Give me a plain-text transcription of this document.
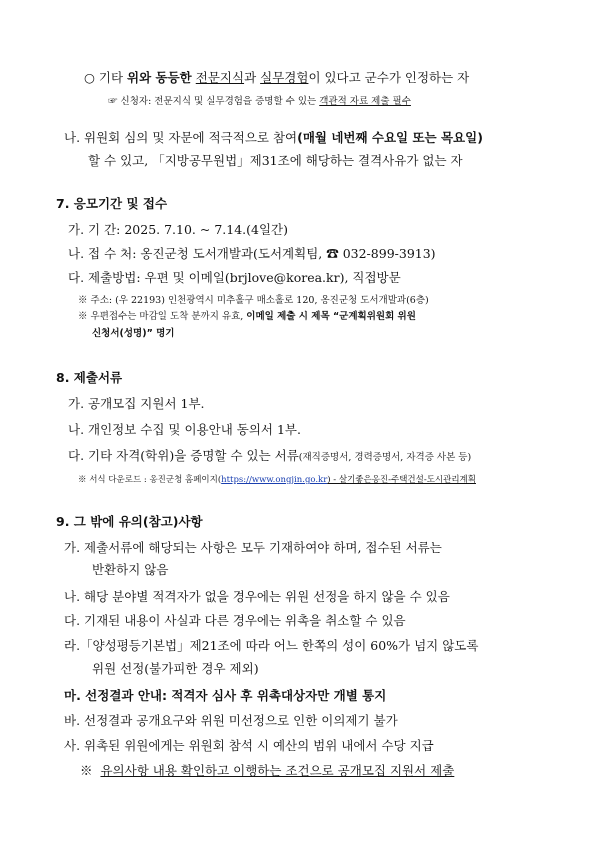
○ 기타 위와 동등한 전문지식과 실무경험이 있다고 군수가 인정하는 자
☞ 신청자: 전문지식 및 실무경험을 증명할 수 있는 객관적 자료 제출 필수
나. 위원회 심의 및 자문에 적극적으로 참여(매월 네번째 수요일 또는 목요일)
할 수 있고, 「지방공무원법」제31조에 해당하는 결격사유가 없는 자
7. 응모기간 및 접수
가. 기 간: 2025. 7.10. ~ 7.14.(4일간)
나. 접 수 처: 옹진군청 도서개발과(도서계획팀, ☎ 032-899-3913)
다. 제출방법: 우편 및 이메일(brjlove@korea.kr), 직접방문
※ 주소: (우 22193) 인천광역시 미추홀구 매소홀로 120, 옹진군청 도서개발과(6층)
※ 우편접수는 마감일 도착 분까지 유효, 이메일 제출 시 제목 “군계획위원회 위원
신청서(성명)” 명기
8. 제출서류
가. 공개모집 지원서 1부.
나. 개인정보 수집 및 이용안내 동의서 1부.
다. 기타 자격(학위)을 증명할 수 있는 서류(재직증명서, 경력증명서, 자격증 사본 등)
※ 서식 다운로드 : 옹진군청 홈페이지(https://www.ongjin.go.kr) - 살기좋은옹진-주택건설-도시관리계획
9. 그 밖에 유의(참고)사항
가. 제출서류에 해당되는 사항은 모두 기재하여야 하며, 접수된 서류는
반환하지 않음
나. 해당 분야별 적격자가 없을 경우에는 위원 선정을 하지 않을 수 있음
다. 기재된 내용이 사실과 다른 경우에는 위촉을 취소할 수 있음
라.「양성평등기본법」제21조에 따라 어느 한쪽의 성이 60%가 넘지 않도록
위원 선정(불가피한 경우 제외)
마. 선정결과 안내: 적격자 심사 후 위촉대상자만 개별 통지
바. 선정결과 공개요구와 위원 미선정으로 인한 이의제기 불가
사. 위촉된 위원에게는 위원회 참석 시 예산의 범위 내에서 수당 지급
※ 유의사항 내용 확인하고 이행하는 조건으로 공개모집 지원서 제출
